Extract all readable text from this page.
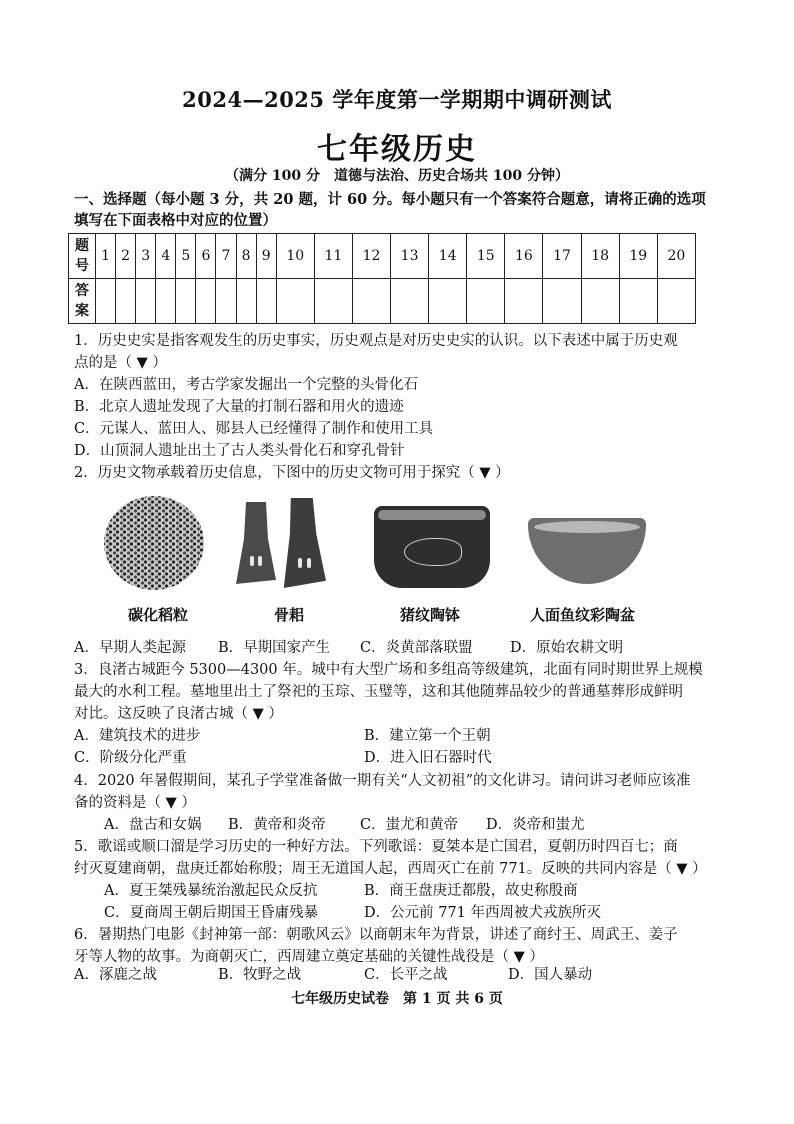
2024—2025 学年度第一学期期中调研测试
七年级历史
（满分 100 分　道德与法治、历史合场共 100 分钟）
一、选择题（每小题 3 分，共 20 题，计 60 分。每小题只有一个答案符合题意，请将正确的选项
填写在下面表格中对应的位置）
题号	1	2	3	4	5	6	7	8	9	10	11	12	13	14	15	16	17	18	19	20
答案																				
1．历史史实是指客观发生的历史事实，历史观点是对历史史实的认识。以下表述中属于历史观
点的是（ ▼ ）
A．在陕西蓝田，考古学家发掘出一个完整的头骨化石
B．北京人遗址发现了大量的打制石器和用火的遗迹
C．元谋人、蓝田人、郧县人已经懂得了制作和使用工具
D．山顶洞人遗址出土了古人类头骨化石和穿孔骨针
2．历史文物承载着历史信息，下图中的历史文物可用于探究（ ▼ ）
碳化稻粒	骨耜	猪纹陶钵	人面鱼纹彩陶盆
A．早期人类起源 B．早期国家产生 C．炎黄部落联盟	D．原始农耕文明
3．良渚古城距今 5300—4300 年。城中有大型广场和多组高等级建筑，北面有同时期世界上规模
最大的水利工程。墓地里出土了祭祀的玉琮、玉璧等，这和其他随葬品较少的普通墓葬形成鲜明
对比。这反映了良渚古城（ ▼ ）
A．建筑技术的进步	B．建立第一个王朝
C．阶级分化严重	D．进入旧石器时代
4．2020 年暑假期间，某孔子学堂准备做一期有关“人文初祖”的文化讲习。请问讲习老师应该准
备的资料是（ ▼ ）
A．盘古和女娲 B．黄帝和炎帝 C．蚩尤和黄帝 D．炎帝和蚩尤
5．歌谣或顺口溜是学习历史的一种好方法。下列歌谣：夏桀本是亡国君，夏朝历时四百七；商
纣灭夏建商朝，盘庚迁都始称殷；周王无道国人起，西周灭亡在前 771。反映的共同内容是（ ▼ ）
A．夏王桀残暴统治激起民众反抗	B．商王盘庚迁都殷，故史称殷商
C．夏商周王朝后期国王昏庸残暴	D．公元前 771 年西周被犬戎族所灭
6．暑期热门电影《封神第一部：朝歌风云》以商朝末年为背景，讲述了商纣王、周武王、姜子
牙等人物的故事。为商朝灭亡，西周建立奠定基础的关键性战役是（ ▼ ）
A．涿鹿之战	B．牧野之战	C．长平之战	D．国人暴动
七年级历史试卷　第 1 页 共 6 页
